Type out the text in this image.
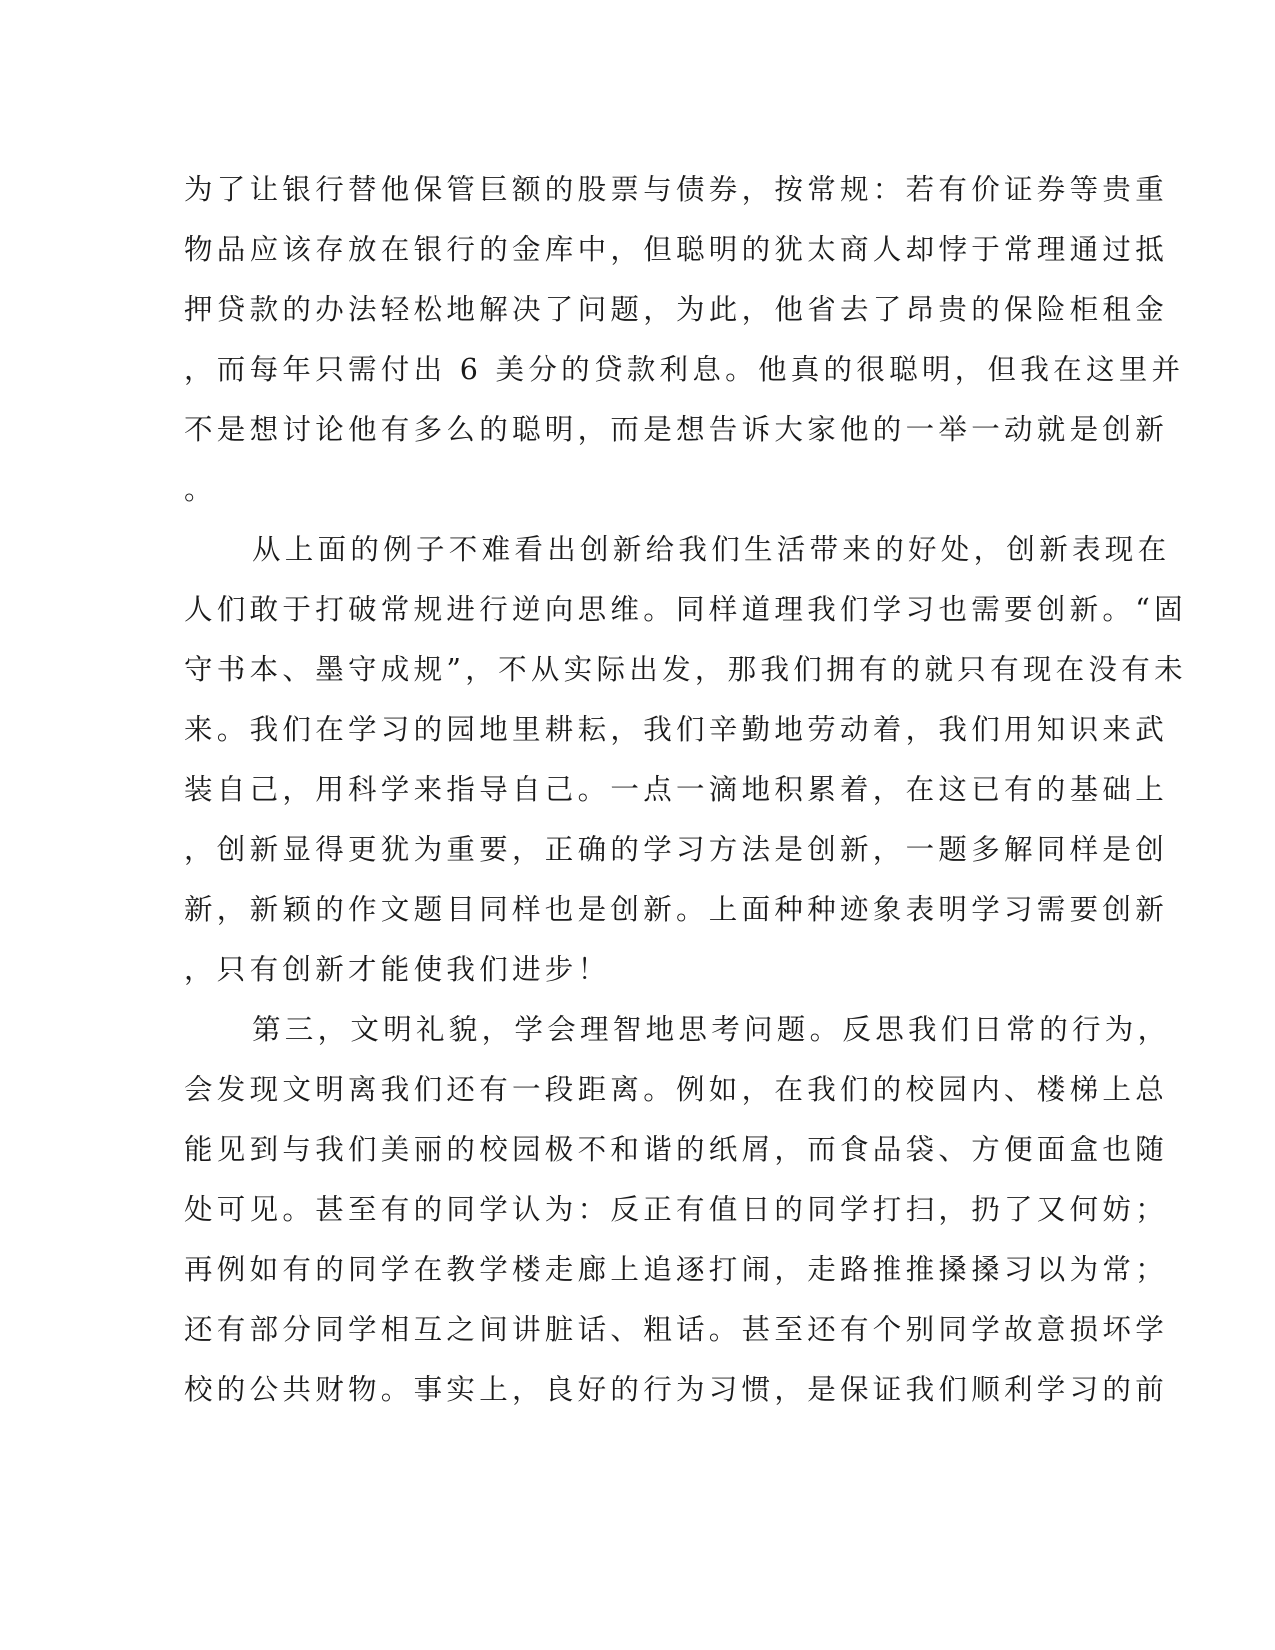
为了让银行替他保管巨额的股票与债券，按常规：若有价证券等贵重
物品应该存放在银行的金库中，但聪明的犹太商人却悖于常理通过抵
押贷款的办法轻松地解决了问题，为此，他省去了昂贵的保险柜租金
，而每年只需付出 6 美分的贷款利息。他真的很聪明，但我在这里并
不是想讨论他有多么的聪明，而是想告诉大家他的一举一动就是创新
。
从上面的例子不难看出创新给我们生活带来的好处，创新表现在
人们敢于打破常规进行逆向思维。同样道理我们学习也需要创新。“固
守书本、墨守成规”，不从实际出发，那我们拥有的就只有现在没有未
来。我们在学习的园地里耕耘，我们辛勤地劳动着，我们用知识来武
装自己，用科学来指导自己。一点一滴地积累着，在这已有的基础上
，创新显得更犹为重要，正确的学习方法是创新，一题多解同样是创
新，新颖的作文题目同样也是创新。上面种种迹象表明学习需要创新
，只有创新才能使我们进步！
第三，文明礼貌，学会理智地思考问题。反思我们日常的行为，
会发现文明离我们还有一段距离。例如，在我们的校园内、楼梯上总
能见到与我们美丽的校园极不和谐的纸屑，而食品袋、方便面盒也随
处可见。甚至有的同学认为：反正有值日的同学打扫，扔了又何妨；
再例如有的同学在教学楼走廊上追逐打闹，走路推推搡搡习以为常；
还有部分同学相互之间讲脏话、粗话。甚至还有个别同学故意损坏学
校的公共财物。事实上，良好的行为习惯，是保证我们顺利学习的前
